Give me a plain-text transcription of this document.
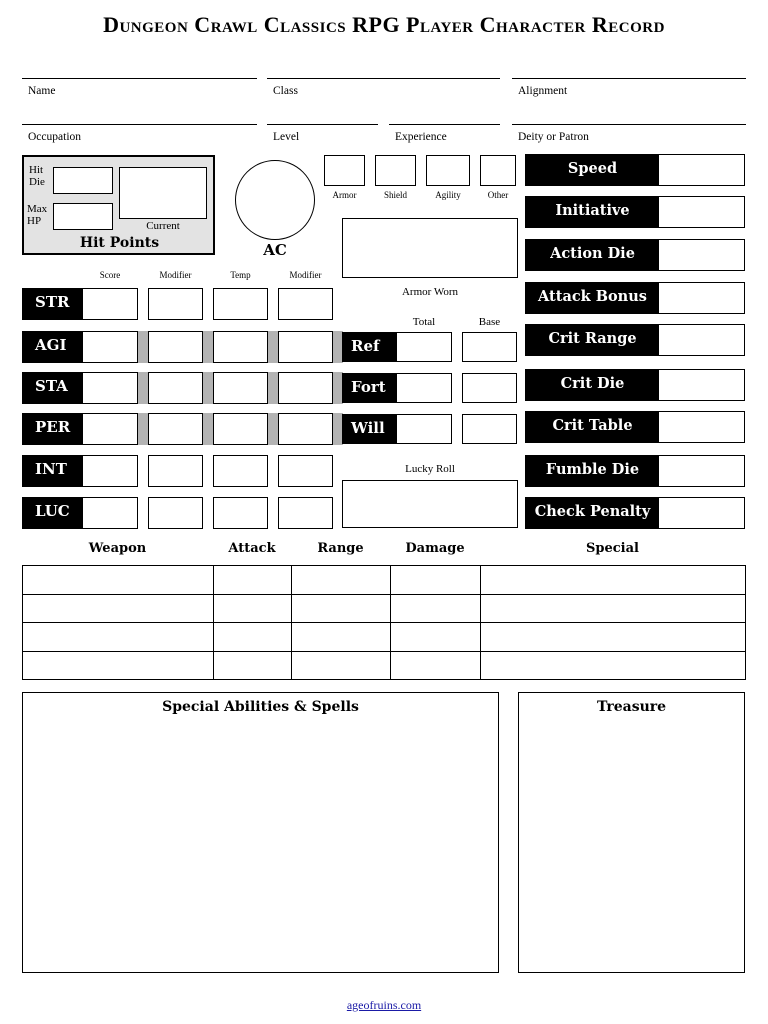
Dungeon Crawl Classics RPG Player Character Record
Name	Class	Alignment
Occupation	Level	Experience	Deity or Patron
Hit Die
Max HP	Current
Hit Points	AC
Armor	Shield	Agility	Other
Armor Worn
Score	Modifier	Temp	Modifier
STR
AGI
STA
PER
INT
LUC
Total	Base
Ref
Fort
Will
Lucky Roll
Speed
Initiative
Action Die
Attack Bonus
Crit Range
Crit Die
Crit Table
Fumble Die
Check Penalty
Weapon	Attack	Range	Damage	Special

Special Abilities & Spells	Treasure
ageofruins.com
